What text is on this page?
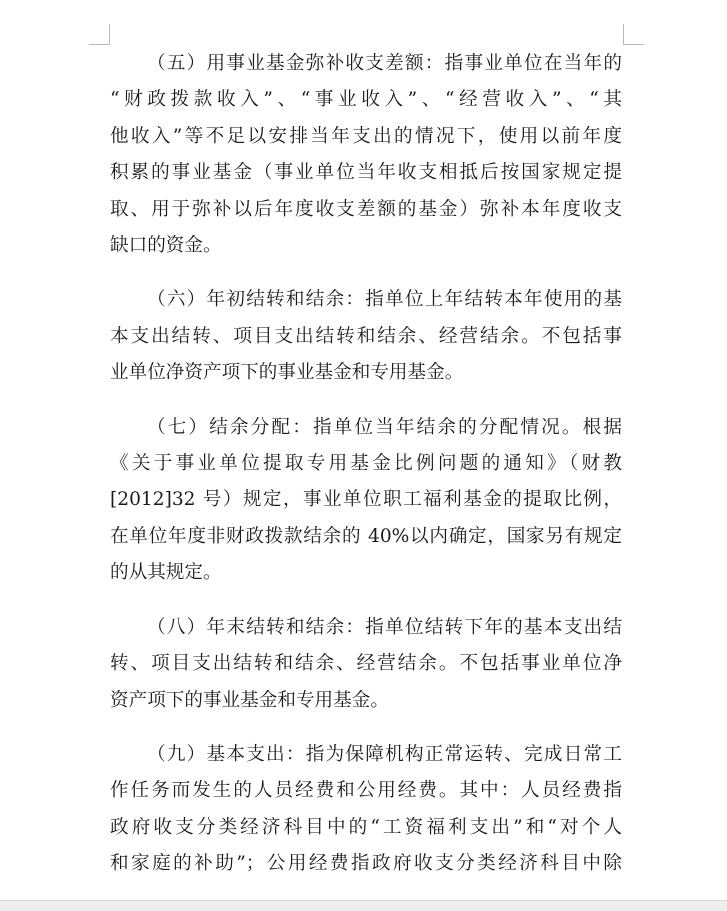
（五）用事业基金弥补收支差额：指事业单位在当年的
“财政拨款收入”、“事业收入”、“经营收入”、“其
他收入”等不足以安排当年支出的情况下，使用以前年度
积累的事业基金（事业单位当年收支相抵后按国家规定提
取、用于弥补以后年度收支差额的基金）弥补本年度收支
缺口的资金。

（六）年初结转和结余：指单位上年结转本年使用的基
本支出结转、项目支出结转和结余、经营结余。不包括事
业单位净资产项下的事业基金和专用基金。

（七）结余分配：指单位当年结余的分配情况。根据
《关于事业单位提取专用基金比例问题的通知》（财教
[2012]32 号）规定，事业单位职工福利基金的提取比例，
在单位年度非财政拨款结余的 40%以内确定，国家另有规定
的从其规定。

（八）年末结转和结余：指单位结转下年的基本支出结
转、项目支出结转和结余、经营结余。不包括事业单位净
资产项下的事业基金和专用基金。

（九）基本支出：指为保障机构正常运转、完成日常工
作任务而发生的人员经费和公用经费。其中：人员经费指
政府收支分类经济科目中的“工资福利支出”和“对个人
和家庭的补助”；公用经费指政府收支分类经济科目中除
